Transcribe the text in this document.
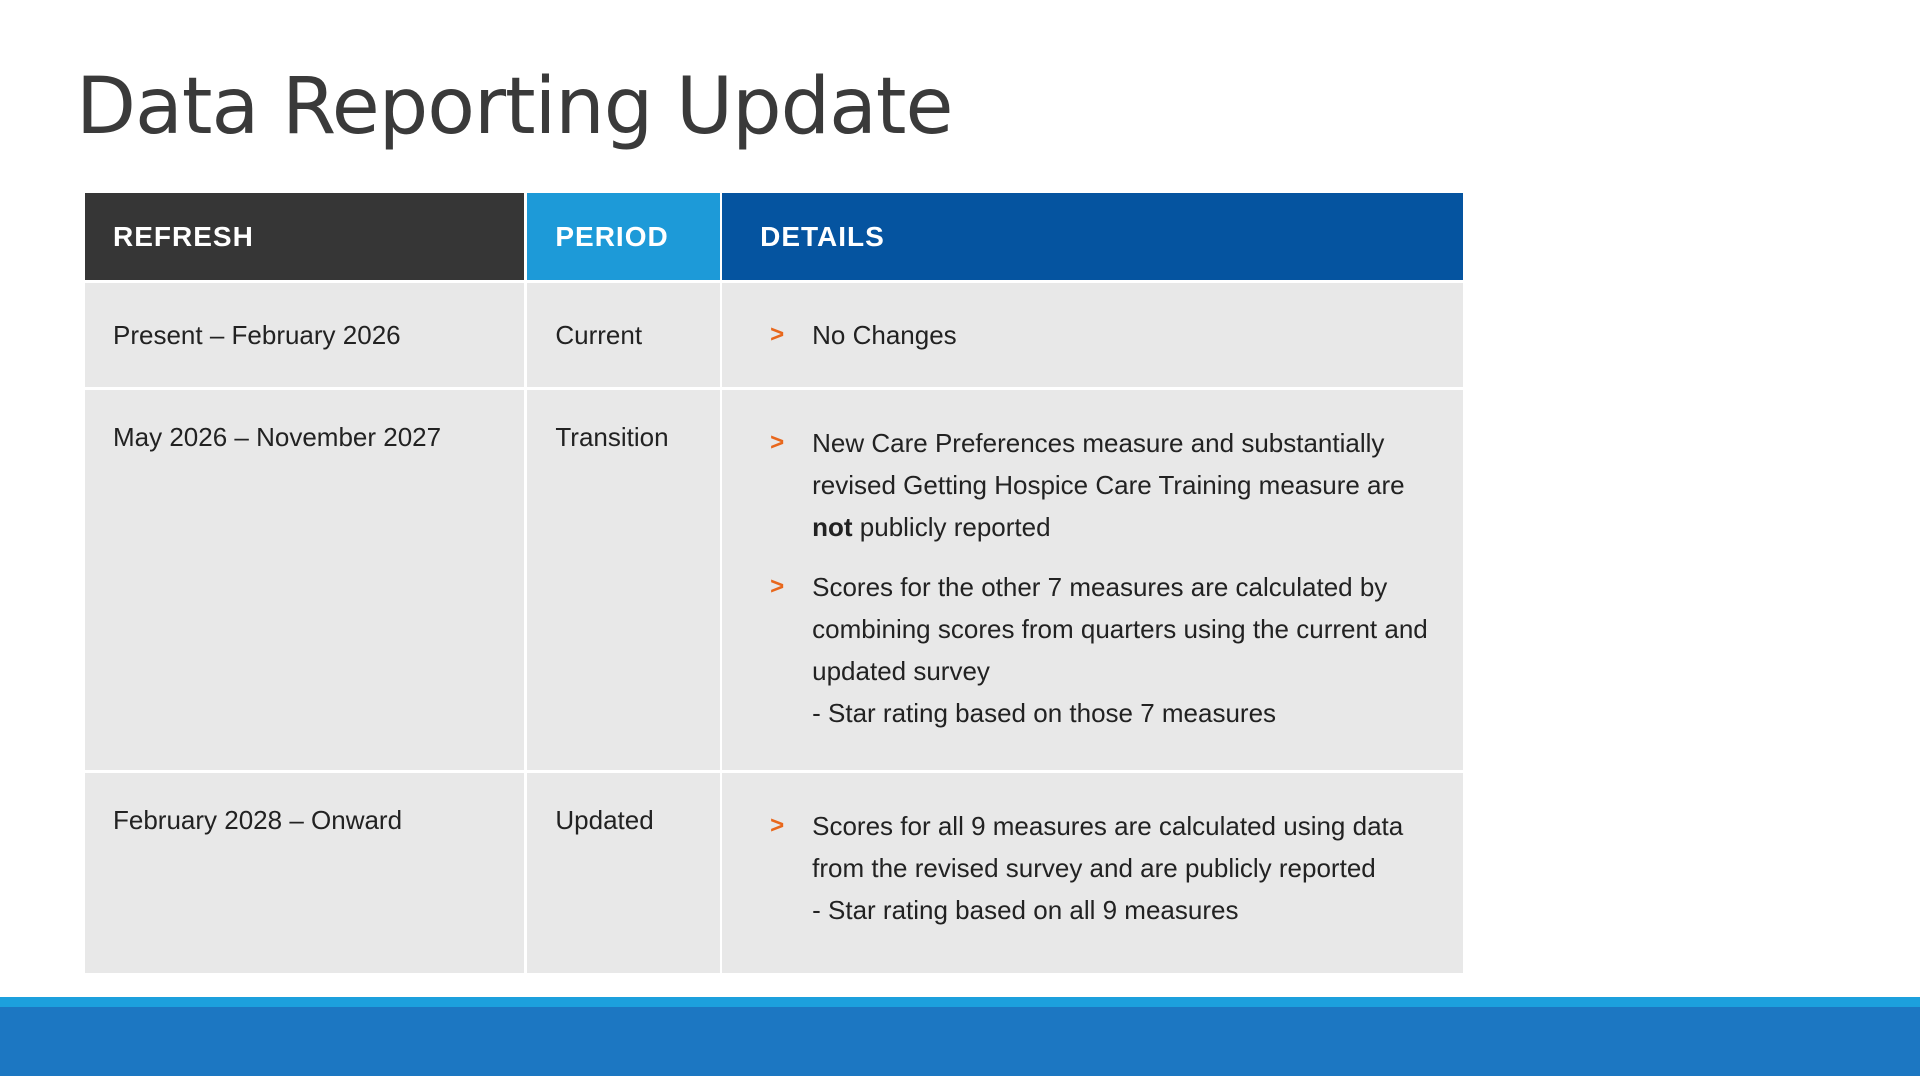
Data Reporting Update
REFRESH	PERIOD	DETAILS
Present – February 2026	Current	>	No Changes
May 2026 – November 2027	Transition	>	New Care Preferences measure and substantially revised Getting Hospice Care Training measure are not publicly reported
>	Scores for the other 7 measures are calculated by combining scores from quarters using the current and updated survey
- Star rating based on those 7 measures
February 2028 – Onward	Updated	>	Scores for all 9 measures are calculated using data from the revised survey and are publicly reported
- Star rating based on all 9 measures
